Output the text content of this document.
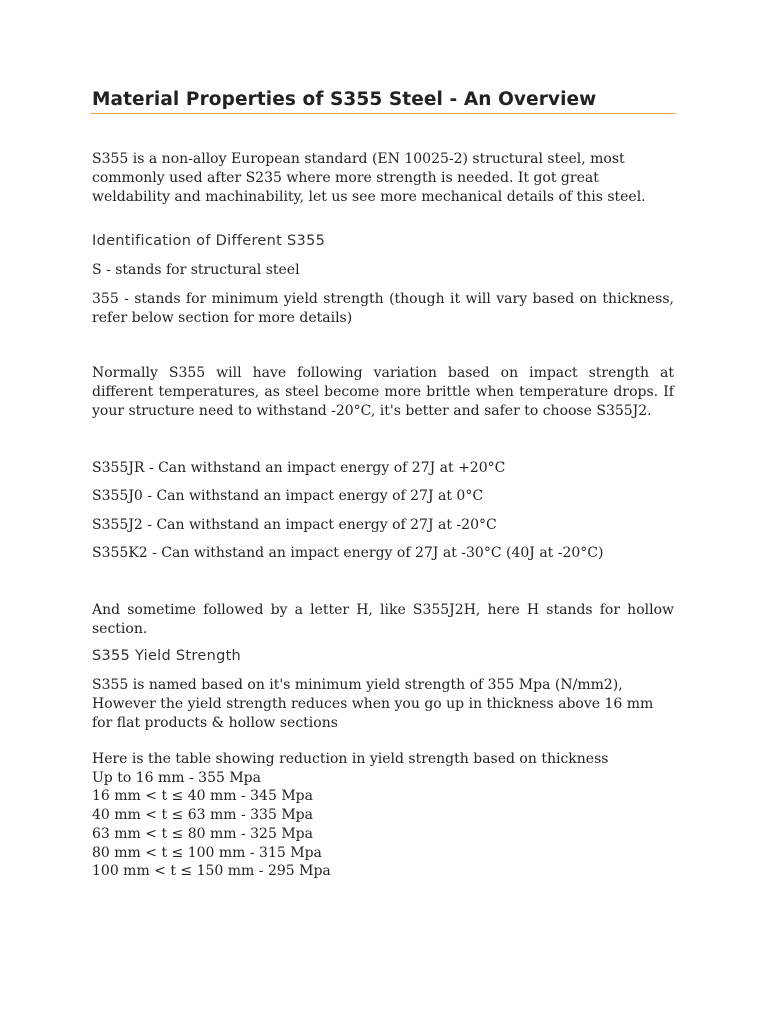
Material Properties of S355 Steel - An Overview
S355 is a non-alloy European standard (EN 10025-2) structural steel, most commonly used after S235 where more strength is needed. It got great weldability and machinability, let us see more mechanical details of this steel.
Identification of Different S355
S - stands for structural steel
355 - stands for minimum yield strength (though it will vary based on thickness, refer below section for more details)
Normally S355 will have following variation based on impact strength at different temperatures, as steel become more brittle when temperature drops. If your structure need to withstand -20°C, it's better and safer to choose S355J2.
S355JR - Can withstand an impact energy of 27J at +20°C
S355J0 - Can withstand an impact energy of 27J at 0°C
S355J2 - Can withstand an impact energy of 27J at -20°C
S355K2 - Can withstand an impact energy of 27J at -30°C (40J at -20°C)
And sometime followed by a letter H, like S355J2H, here H stands for hollow section.
S355 Yield Strength
S355 is named based on it's minimum yield strength of 355 Mpa (N/mm2), However the yield strength reduces when you go up in thickness above 16 mm for flat products & hollow sections
Here is the table showing reduction in yield strength based on thickness
Up to 16 mm - 355 Mpa
16 mm < t ≤ 40 mm - 345 Mpa
40 mm < t ≤ 63 mm - 335 Mpa
63 mm < t ≤ 80 mm - 325 Mpa
80 mm < t ≤ 100 mm - 315 Mpa
100 mm < t ≤ 150 mm - 295 Mpa
